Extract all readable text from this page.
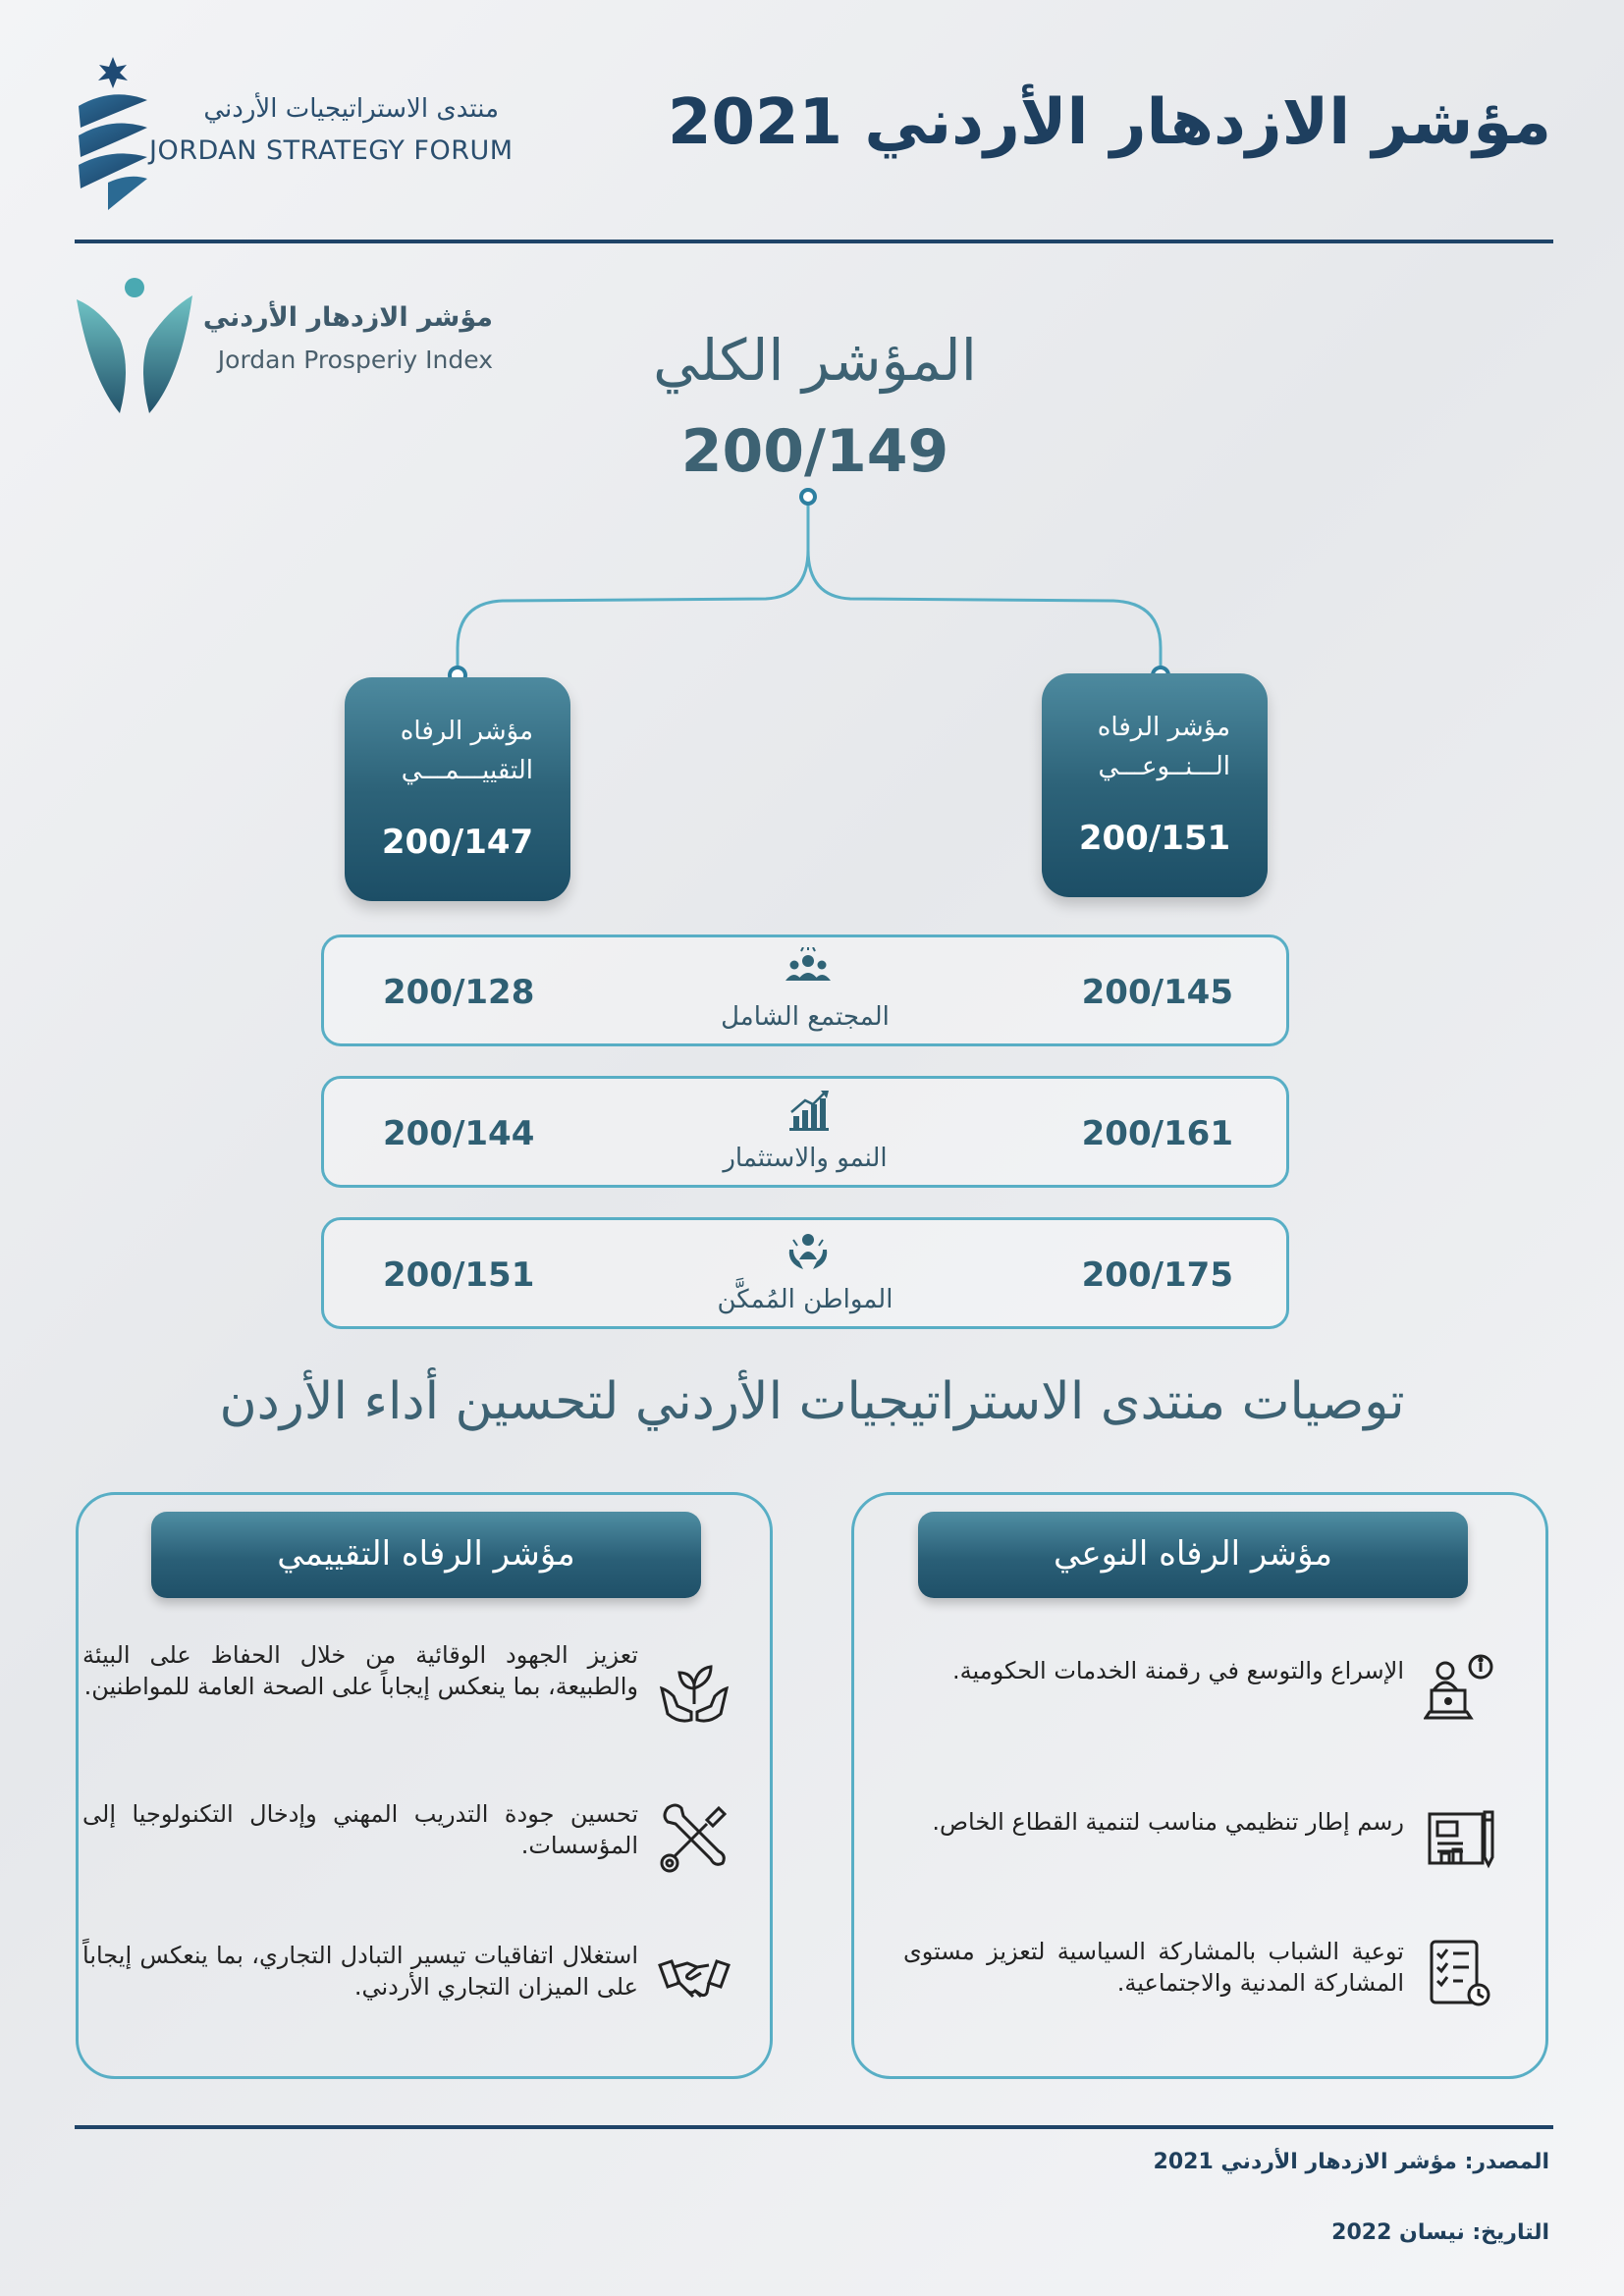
مؤشر الازدهار الأردني 2021
منتدى الاستراتيجيات الأردني
JORDAN STRATEGY FORUM
مؤشر الازدهار الأردني
Jordan Prosperiy Index	المؤشر الكلي
200/149
مؤشر الرفاه
التقييـــمـــي
200/147
مؤشر الرفاه
الـــنــوعـــي
200/151
200/128
المجتمع الشامل
200/145
200/144
النمو والاستثمار
200/161
200/151
المواطن المُمكَّن
200/175
توصيات منتدى الاستراتيجيات الأردني لتحسين أداء الأردن
مؤشر الرفاه النوعي
الإسراع والتوسع في رقمنة الخدمات الحكومية.
رسم إطار تنظيمي مناسب لتنمية القطاع الخاص.
توعية الشباب بالمشاركة السياسية لتعزيز مستوى المشاركة المدنية والاجتماعية.
مؤشر الرفاه التقييمي
تعزيز الجهود الوقائية من خلال الحفاظ على البيئة والطبيعة، بما ينعكس إيجاباً على الصحة العامة للمواطنين.
تحسين جودة التدريب المهني وإدخال التكنولوجيا إلى المؤسسات.
استغلال اتفاقيات تيسير التبادل التجاري، بما ينعكس إيجاباً على الميزان التجاري الأردني.
المصدر: مؤشر الازدهار الأردني 2021
التاريخ: نيسان 2022
